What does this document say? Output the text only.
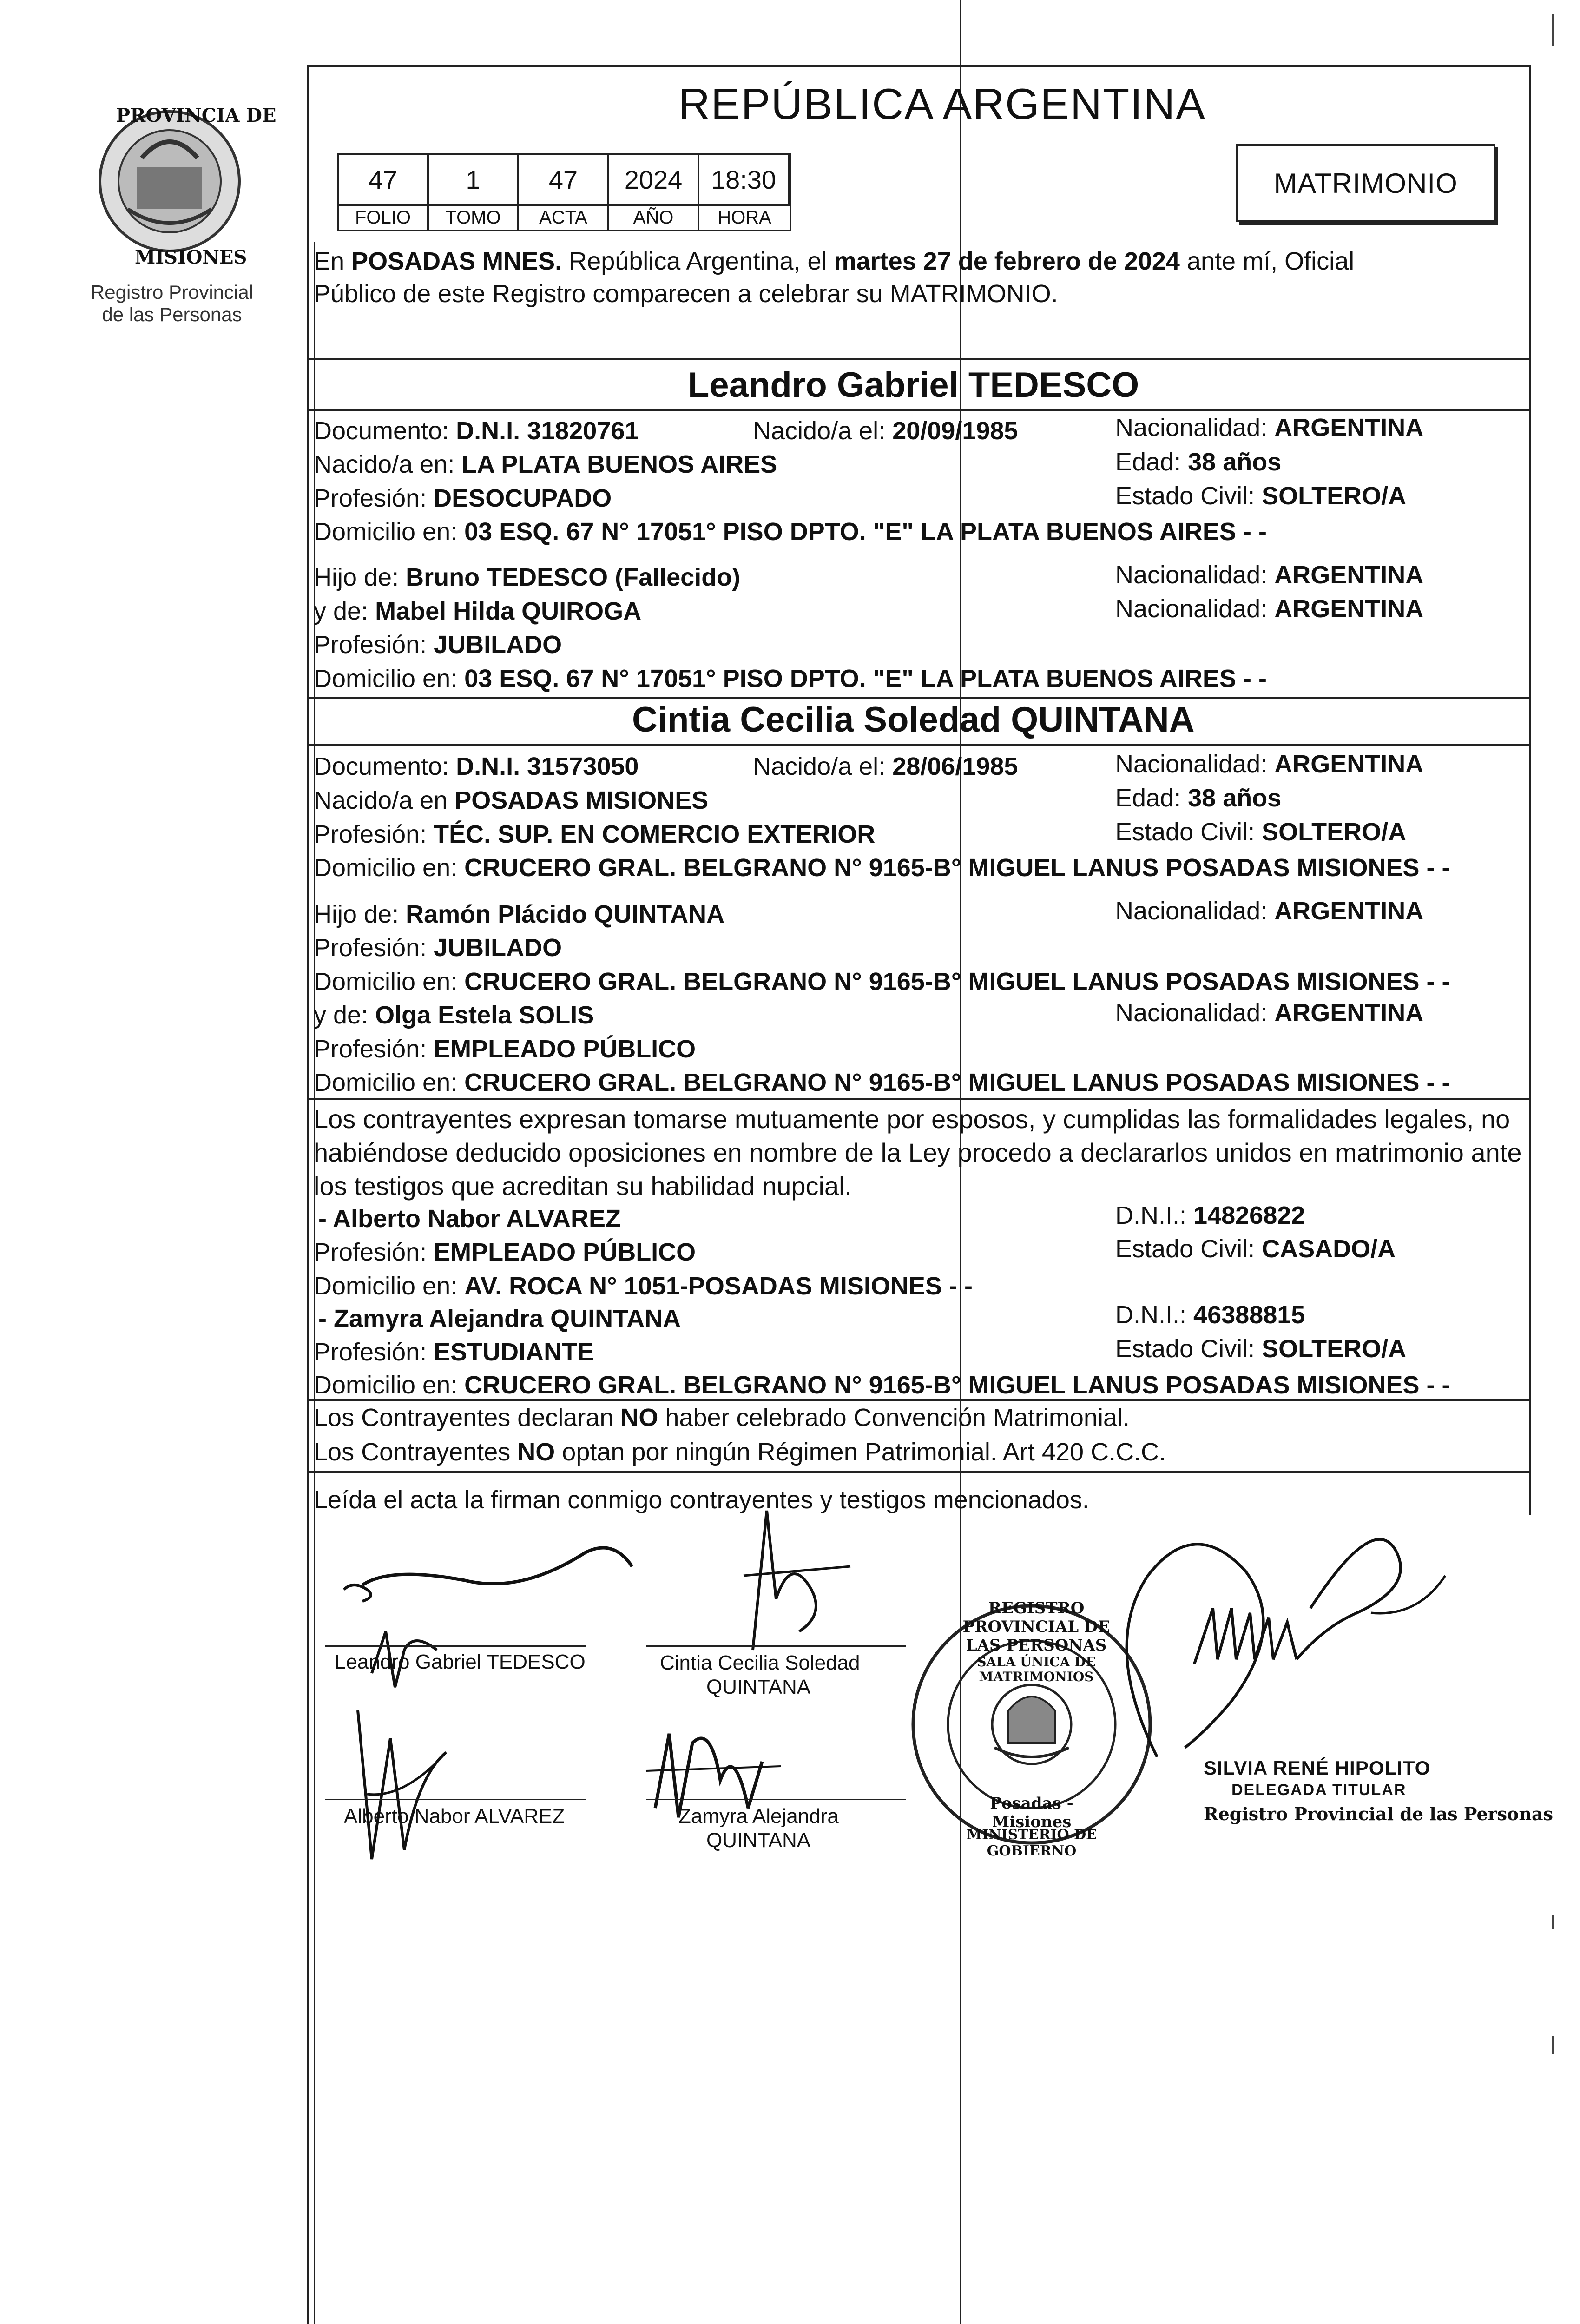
PROVINCIA DE
MISIONES
Registro Provincial
de las Personas
REPÚBLICA ARGENTINA
47	1	47	2024	18:30
FOLIO	TOMO	ACTA	AÑO	HORA
MATRIMONIO
En POSADAS MNES. República Argentina, el martes 27 de febrero de 2024 ante mí, Oficial
Público de este Registro comparecen a celebrar su MATRIMONIO.
Leandro Gabriel TEDESCO
Documento: D.N.I. 31820761	Nacido/a el: 20/09/1985	Nacionalidad: ARGENTINA
Nacido/a en: LA PLATA BUENOS AIRES	Edad: 38 años
Profesión: DESOCUPADO	Estado Civil: SOLTERO/A
Domicilio en: 03 ESQ. 67 N° 17051° PISO DPTO. "E" LA PLATA BUENOS AIRES - -
Hijo de: Bruno TEDESCO (Fallecido)	Nacionalidad: ARGENTINA
y de: Mabel Hilda QUIROGA	Nacionalidad: ARGENTINA
Profesión: JUBILADO
Domicilio en: 03 ESQ. 67 N° 17051° PISO DPTO. "E" LA PLATA BUENOS AIRES - -
Cintia Cecilia Soledad QUINTANA
Documento: D.N.I. 31573050	Nacido/a el: 28/06/1985	Nacionalidad: ARGENTINA
Nacido/a en POSADAS MISIONES	Edad: 38 años
Profesión: TÉC. SUP. EN COMERCIO EXTERIOR	Estado Civil: SOLTERO/A
Domicilio en: CRUCERO GRAL. BELGRANO N° 9165-B° MIGUEL LANUS POSADAS MISIONES - -
Hijo de: Ramón Plácido QUINTANA	Nacionalidad: ARGENTINA
Profesión: JUBILADO
Domicilio en: CRUCERO GRAL. BELGRANO N° 9165-B° MIGUEL LANUS POSADAS MISIONES - -
y de: Olga Estela SOLIS	Nacionalidad: ARGENTINA
Profesión: EMPLEADO PÚBLICO
Domicilio en: CRUCERO GRAL. BELGRANO N° 9165-B° MIGUEL LANUS POSADAS MISIONES - -
Los contrayentes expresan tomarse mutuamente por esposos, y cumplidas las formalidades legales, no
habiéndose deducido oposiciones en nombre de la Ley procedo a declararlos unidos en matrimonio ante
los testigos que acreditan su habilidad nupcial.
- Alberto Nabor ALVAREZ	D.N.I.: 14826822
Profesión: EMPLEADO PÚBLICO	Estado Civil: CASADO/A
Domicilio en: AV. ROCA N° 1051-POSADAS MISIONES - -
- Zamyra Alejandra QUINTANA	D.N.I.: 46388815
Profesión: ESTUDIANTE	Estado Civil: SOLTERO/A
Domicilio en: CRUCERO GRAL. BELGRANO N° 9165-B° MIGUEL LANUS POSADAS MISIONES - -
Los Contrayentes declaran NO haber celebrado Convención Matrimonial.
Los Contrayentes NO optan por ningún Régimen Patrimonial. Art 420 C.C.C.
Leída el acta la firman conmigo contrayentes y testigos mencionados.
Leandro Gabriel TEDESCO	Cintia Cecilia Soledad
QUINTANA
Alberto Nabor ALVAREZ	Zamyra Alejandra
QUINTANA
REGISTRO PROVINCIAL DE LAS PERSONAS
SALA ÚNICA DE MATRIMONIOS
Posadas - Misiones
MINISTERIO DE GOBIERNO
SILVIA RENÉ HIPOLITO
DELEGADA TITULAR
Registro Provincial de las Personas
